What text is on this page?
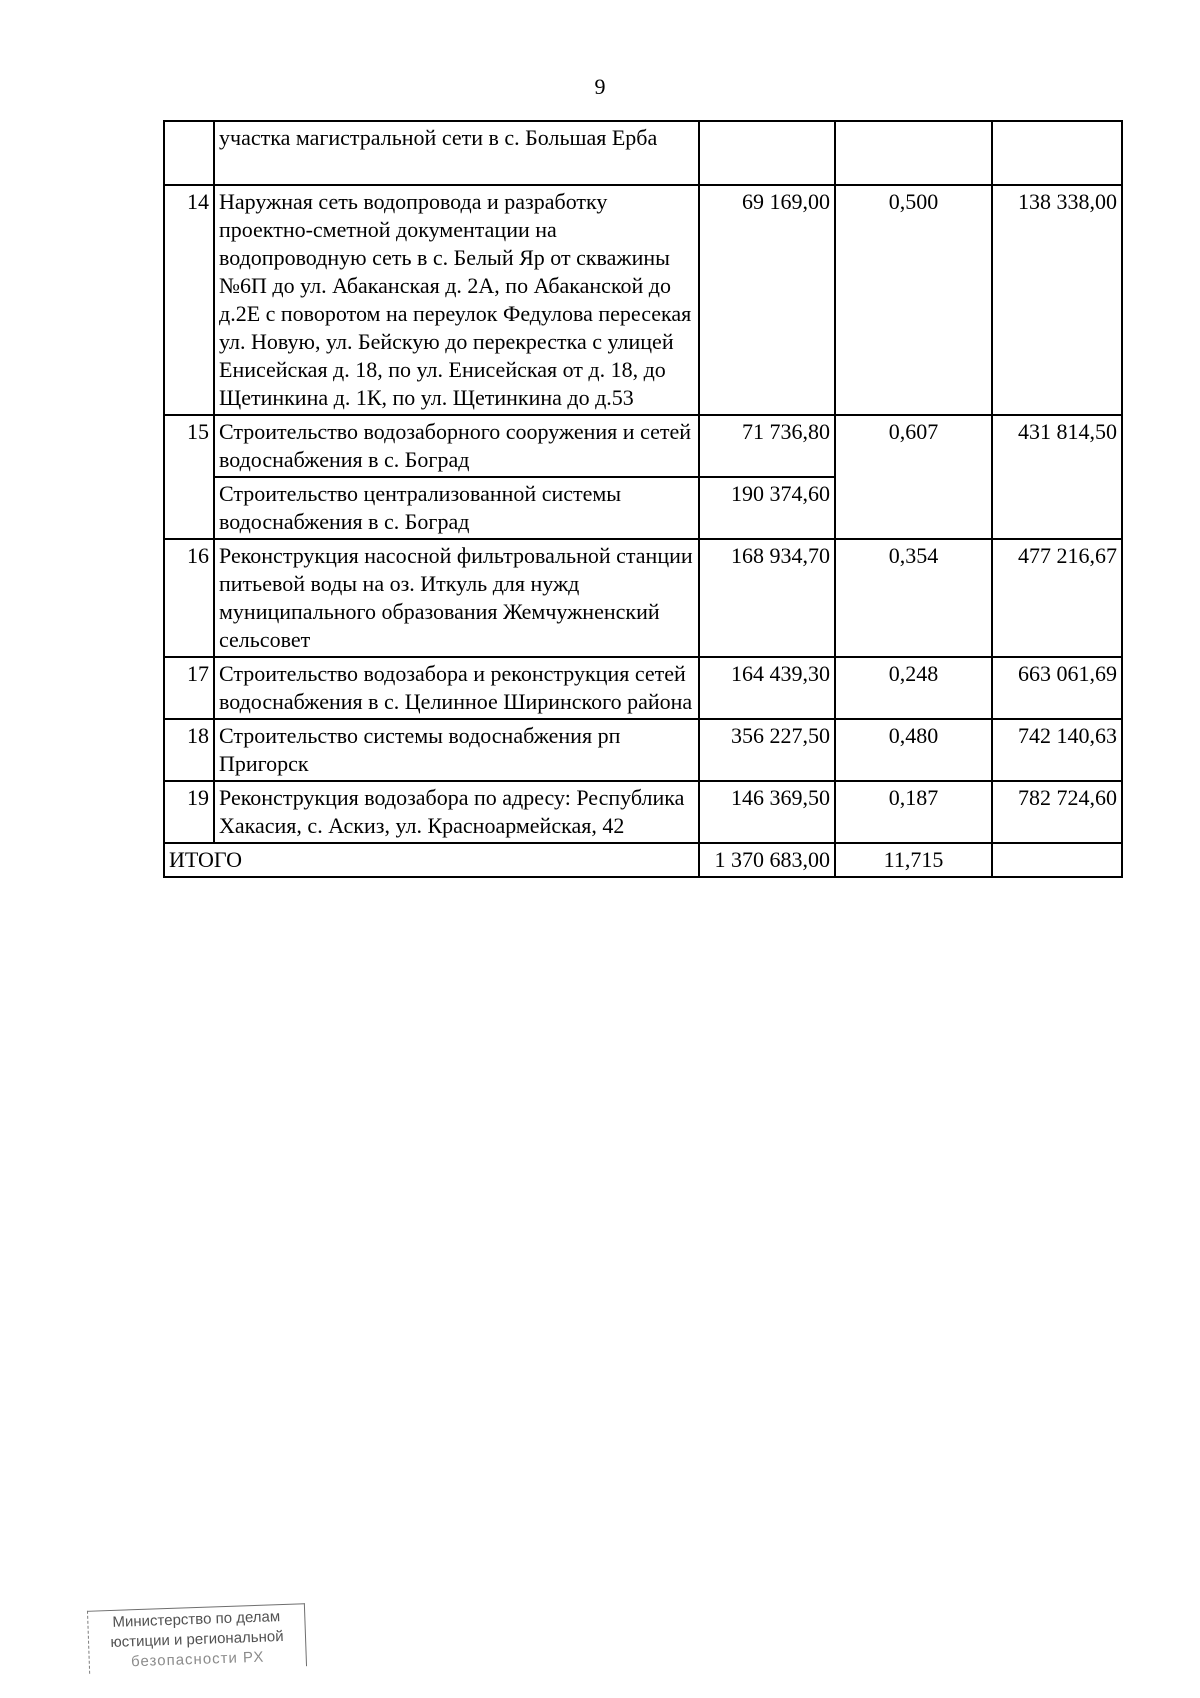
9
	участка магистральной сети в с. Большая Ерба			
14	Наружная сеть водопровода и разработку проектно-сметной документации на водопроводную сеть в с. Белый Яр от скважины №6П до ул. Абаканская д. 2А, по Абаканской до д.2Е с поворотом на переулок Федулова пересекая ул. Новую, ул. Бейскую до перекрестка с улицей Енисейская д. 18, по ул. Енисейская от д. 18, до Щетинкина д. 1К, по ул. Щетинкина до д.53	69 169,00	0,500	138 338,00
15	Строительство водозаборного сооружения и сетей водоснабжения в с. Боград	71 736,80	0,607	431 814,50
	Строительство централизованной системы водоснабжения в с. Боград	190 374,60		
16	Реконструкция насосной фильтровальной станции питьевой воды на оз. Иткуль для нужд муниципального образования Жемчужненский сельсовет	168 934,70	0,354	477 216,67
17	Строительство водозабора и реконструкция сетей водоснабжения в с. Целинное Ширинского района	164 439,30	0,248	663 061,69
18	Строительство системы водоснабжения рп Пригорск	356 227,50	0,480	742 140,63
19	Реконструкция водозабора по адресу: Республика Хакасия, с. Аскиз, ул. Красноармейская, 42	146 369,50	0,187	782 724,60
ИТОГО		1 370 683,00	11,715	
Министерство по делам
юстиции и региональной
безопасности РХ
